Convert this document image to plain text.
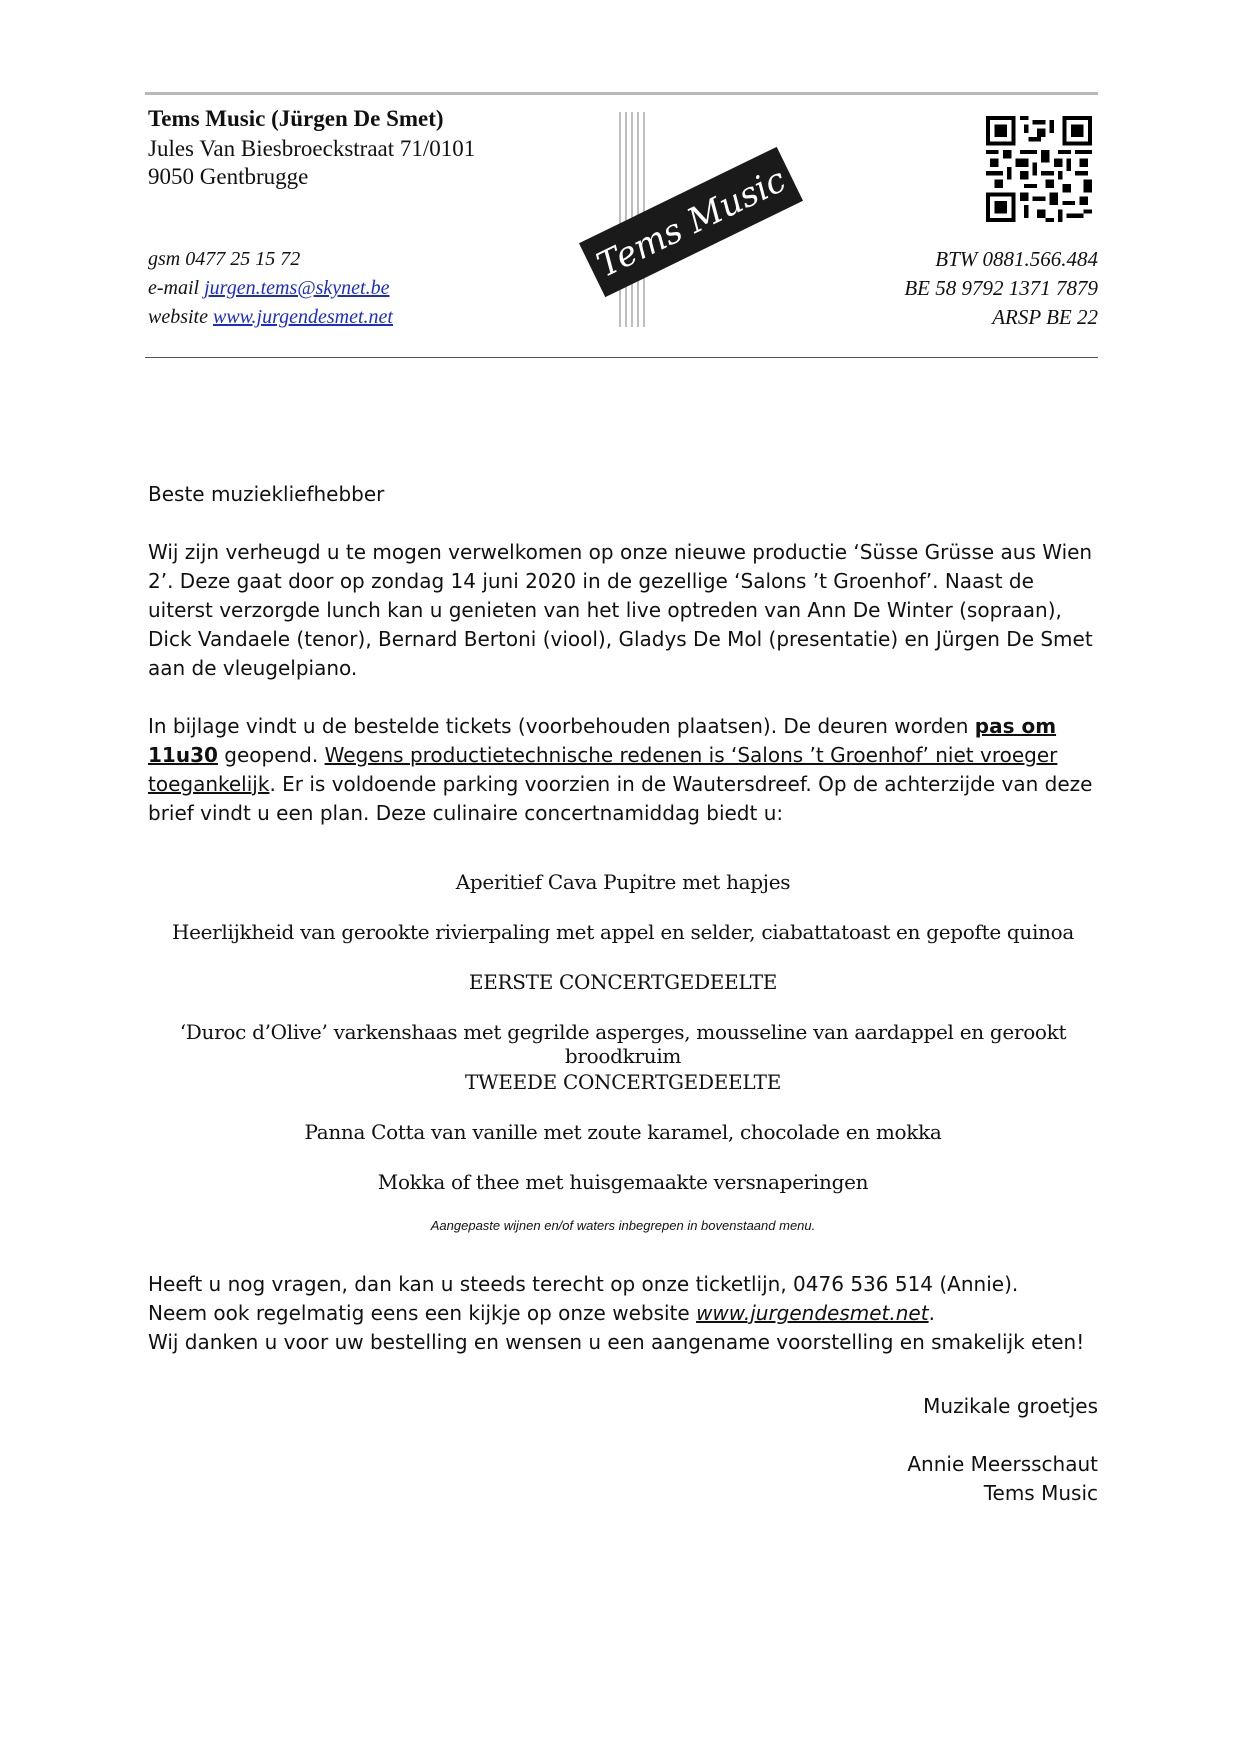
Tems Music (Jürgen De Smet)
Jules Van Biesbroeckstraat 71/0101
9050 Gentbrugge
gsm 0477 25 15 72
e-mail jurgen.tems@skynet.be
website www.jurgendesmet.net
Tems Music	BTW 0881.566.484
BE 58 9792 1371 7879
ARSP BE 22
Beste muziekliefhebber
Wij zijn verheugd u te mogen verwelkomen op onze nieuwe productie ‘Süsse Grüsse aus Wien 2’. Deze gaat door op zondag 14 juni 2020 in de gezellige ‘Salons ’t Groenhof’. Naast de uiterst verzorgde lunch kan u genieten van het live optreden van Ann De Winter (sopraan), Dick Vandaele (tenor), Bernard Bertoni (viool), Gladys De Mol (presentatie) en Jürgen De Smet aan de vleugelpiano.
In bijlage vindt u de bestelde tickets (voorbehouden plaatsen). De deuren worden pas om 11u30 geopend. Wegens productietechnische redenen is ‘Salons ’t Groenhof’ niet vroeger toegankelijk. Er is voldoende parking voorzien in de Wautersdreef. Op de achterzijde van deze brief vindt u een plan. Deze culinaire concertnamiddag biedt u:
Aperitief Cava Pupitre met hapjes
Heerlijkheid van gerookte rivierpaling met appel en selder, ciabattatoast en gepofte quinoa
EERSTE CONCERTGEDEELTE
‘Duroc d’Olive’ varkenshaas met gegrilde asperges, mousseline van aardappel en gerookt broodkruim
TWEEDE CONCERTGEDEELTE
Panna Cotta van vanille met zoute karamel, chocolade en mokka
Mokka of thee met huisgemaakte versnaperingen
Aangepaste wijnen en/of waters inbegrepen in bovenstaand menu.
Heeft u nog vragen, dan kan u steeds terecht op onze ticketlijn, 0476 536 514 (Annie).
Neem ook regelmatig eens een kijkje op onze website www.jurgendesmet.net.
Wij danken u voor uw bestelling en wensen u een aangename voorstelling en smakelijk eten!
Muzikale groetjes
Annie Meersschaut
Tems Music
